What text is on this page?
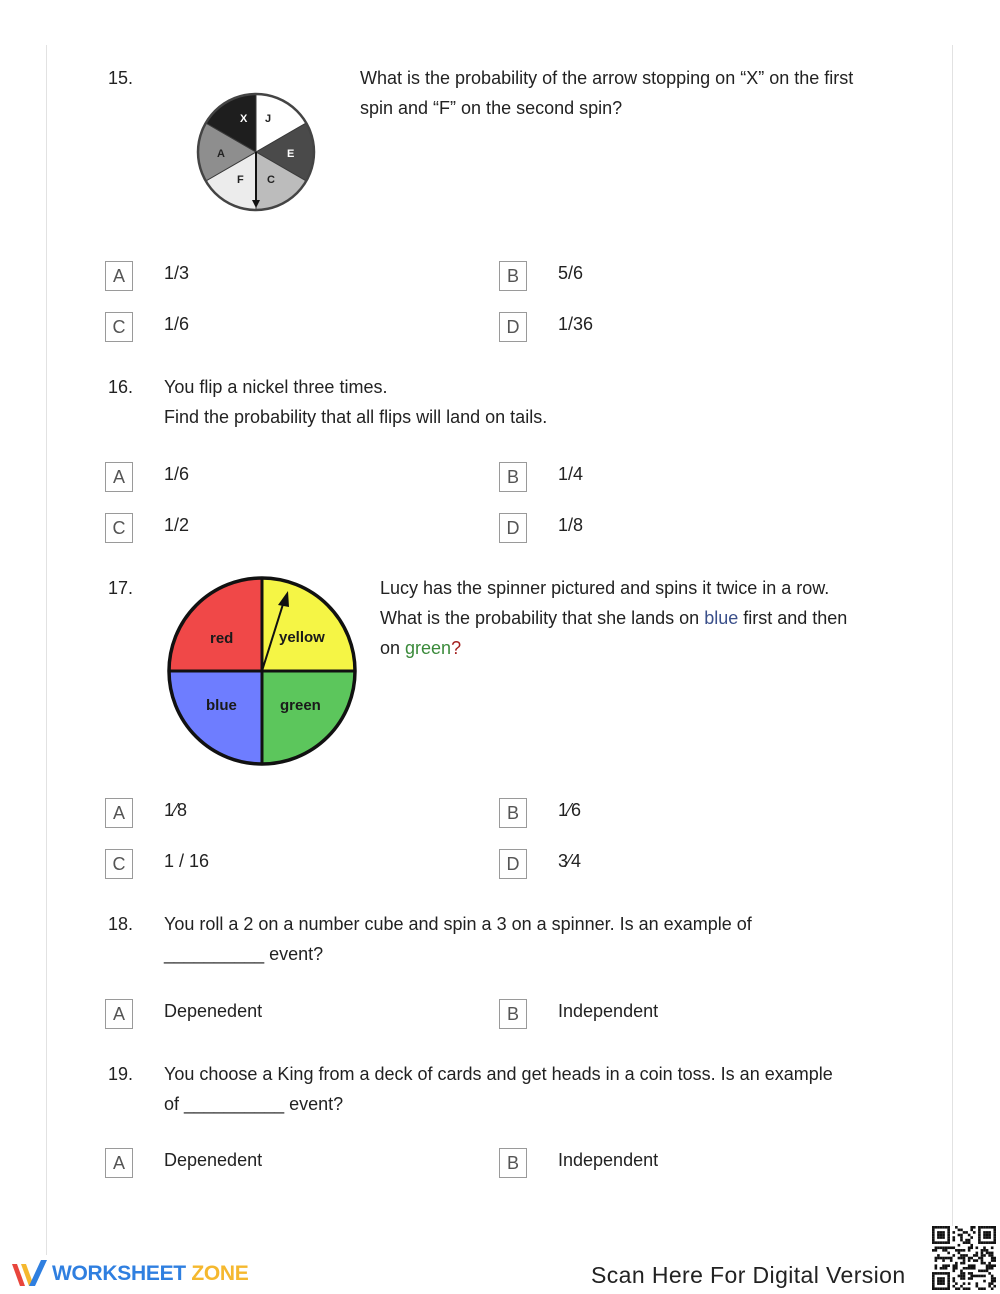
15.
X J
E
C
F
A
What is the probability of the arrow stopping on “X” on the first
spin and “F” on the second spin?
A	1/3	B	5/6
C	1/6	D	1/36
16. You flip a nickel three times.
Find the probability that all flips will land on tails.
A	1/6	B	1/4
C	1/2	D	1/8
17.
red	yellow
blue	green
Lucy has the spinner pictured and spins it twice in a row.
What is the probability that she lands on blue first and then
on green?
A	1⁄8	B	1⁄6
C	1 / 16	D	3⁄4
18. You roll a 2 on a number cube and spin a 3 on a spinner. Is an example of
__________ event?
A	Depenedent	B	Independent
19. You choose a King from a deck of cards and get heads in a coin toss. Is an example
of __________ event?
A	Depenedent	B	Independent
WORKSHEET ZONE	Scan Here For Digital Version
